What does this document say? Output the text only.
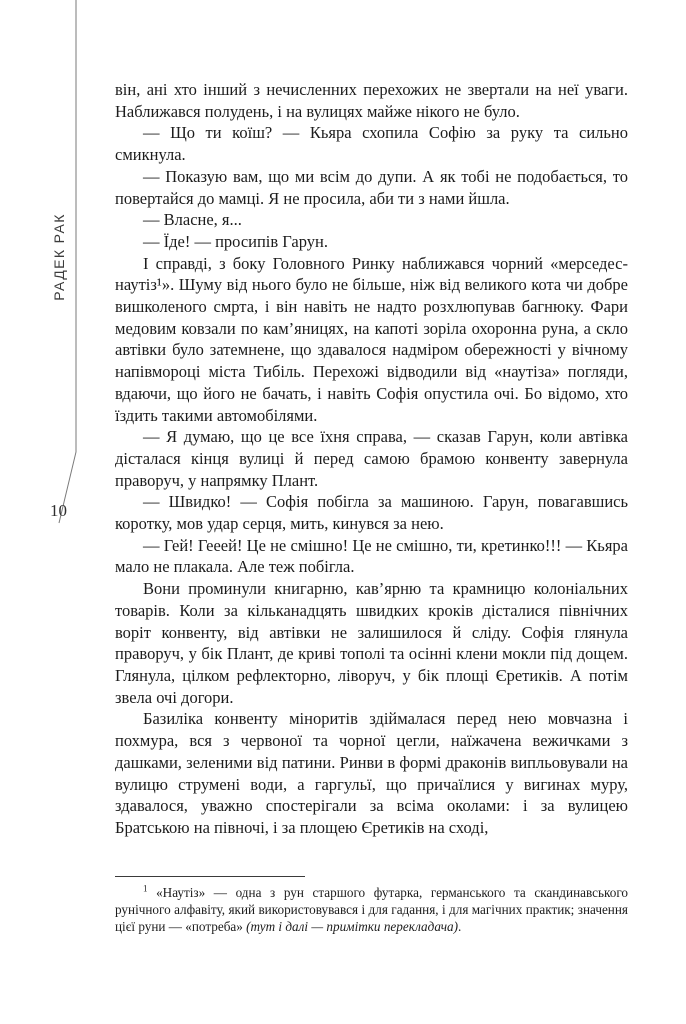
РАДЕК РАК
10

він, ані хто інший з нечисленних перехожих не звертали на неї уваги. Наближався полудень, і на вулицях майже нікого не було.

— Що ти коїш? — Кьяра схопила Софію за руку та сильно смикнула.

— Показую вам, що ми всім до дупи. А як тобі не подобається, то повертайся до мамці. Я не просила, аби ти з нами йшла.

— Власне, я...

— Їде! — просипів Гарун.

І справді, з боку Головного Ринку наближався чорний «мерседес-наутіз¹». Шуму від нього було не більше, ніж від великого кота чи добре вишколеного смрта, і він навіть не надто розхлюпував багнюку. Фари медовим ковзали по кам’яницях, на капоті зоріла охоронна руна, а скло автівки було затемнене, що здавалося надміром обережності у вічному напівмороці міста Тибіль. Перехожі відводили від «наутіза» погляди, вдаючи, що його не бачать, і навіть Софія опустила очі. Бо відомо, хто їздить такими автомобілями.

— Я думаю, що це все їхня справа, — сказав Гарун, коли автівка дісталася кінця вулиці й перед самою брамою конвенту завернула праворуч, у напрямку Плант.

— Швидко! — Софія побігла за машиною. Гарун, повагавшись коротку, мов удар серця, мить, кинувся за нею.

— Гей! Гееей! Це не смішно! Це не смішно, ти, кретинко!!! — Кьяра мало не плакала. Але теж побігла.

Вони проминули книгарню, кав’ярню та крамницю колоніальних товарів. Коли за кільканадцять швидких кроків дісталися північних воріт конвенту, від автівки не залишилося й сліду. Софія глянула праворуч, у бік Плант, де криві тополі та осінні клени мокли під дощем. Глянула, цілком рефлекторно, ліворуч, у бік площі Єретиків. А потім звела очі догори.

Базиліка конвенту міноритів здіймалася перед нею мовчазна і похмура, вся з червоної та чорної цегли, наїжачена вежичками з дашками, зеленими від патини. Ринви в формі драконів випльовували на вулицю струмені води, а гаргульї, що причаїлися у вигинах муру, здавалося, уважно спостерігали за всіма околами: і за вулицею Братською на півночі, і за площею Єретиків на сході,

$^1$ «Наутіз» — одна з рун старшого футарка, германського та скандинавського рунічного алфавіту, який використовувався і для гадання, і для магічних практик; значення цієї руни — «потреба» (тут і далі — примітки перекладача).
